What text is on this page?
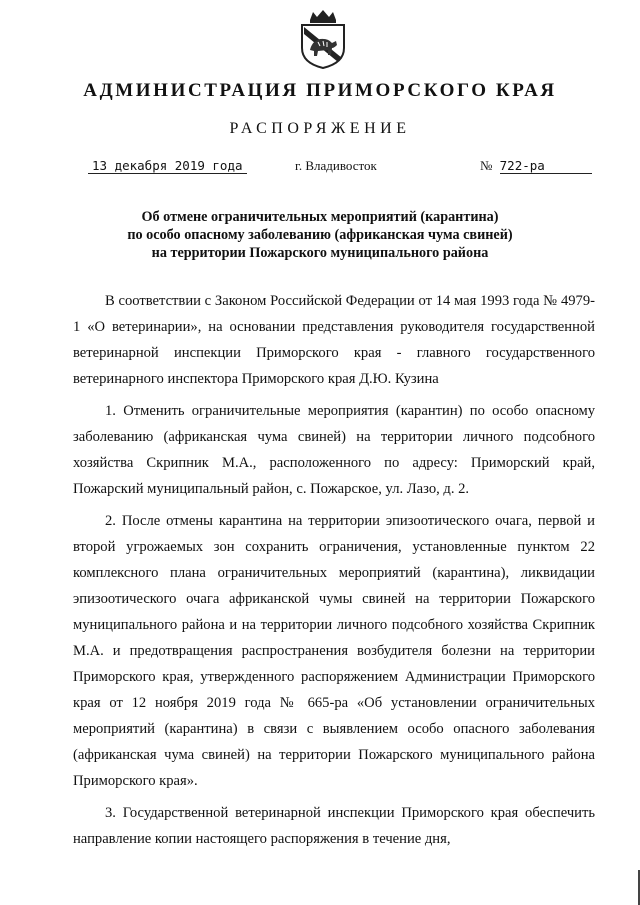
АДМИНИСТРАЦИЯ ПРИМОРСКОГО КРАЯ
РАСПОРЯЖЕНИЕ
13 декабря 2019 года	г. Владивосток	№ 722-ра
Об отмене ограничительных мероприятий (карантина)
по особо опасному заболеванию (африканская чума свиней)
на территории Пожарского муниципального района

В соответствии с Законом Российской Федерации от 14 мая 1993 года № 4979-1 «О ветеринарии», на основании представления руководителя государственной ветеринарной инспекции Приморского края - главного государственного ветеринарного инспектора Приморского края Д.Ю. Кузина

1. Отменить ограничительные мероприятия (карантин) по особо опасному заболеванию (африканская чума свиней) на территории личного подсобного хозяйства Скрипник М.А., расположенного по адресу: Приморский край, Пожарский муниципальный район, с. Пожарское, ул. Лазо, д. 2.

2. После отмены карантина на территории эпизоотического очага, первой и второй угрожаемых зон сохранить ограничения, установленные пунктом 22 комплексного плана ограничительных мероприятий (карантина), ликвидации эпизоотического очага африканской чумы свиней на территории Пожарского муниципального района и на территории личного подсобного хозяйства Скрипник М.А. и предотвращения распространения возбудителя болезни на территории Приморского края, утвержденного распоряжением Администрации Приморского края от 12 ноября 2019 года № 665-ра «Об установлении ограничительных мероприятий (карантина) в связи с выявлением особо опасного заболевания (африканская чума свиней) на территории Пожарского муниципального района Приморского края».

3. Государственной ветеринарной инспекции Приморского края обеспечить направление копии настоящего распоряжения в течение дня,
